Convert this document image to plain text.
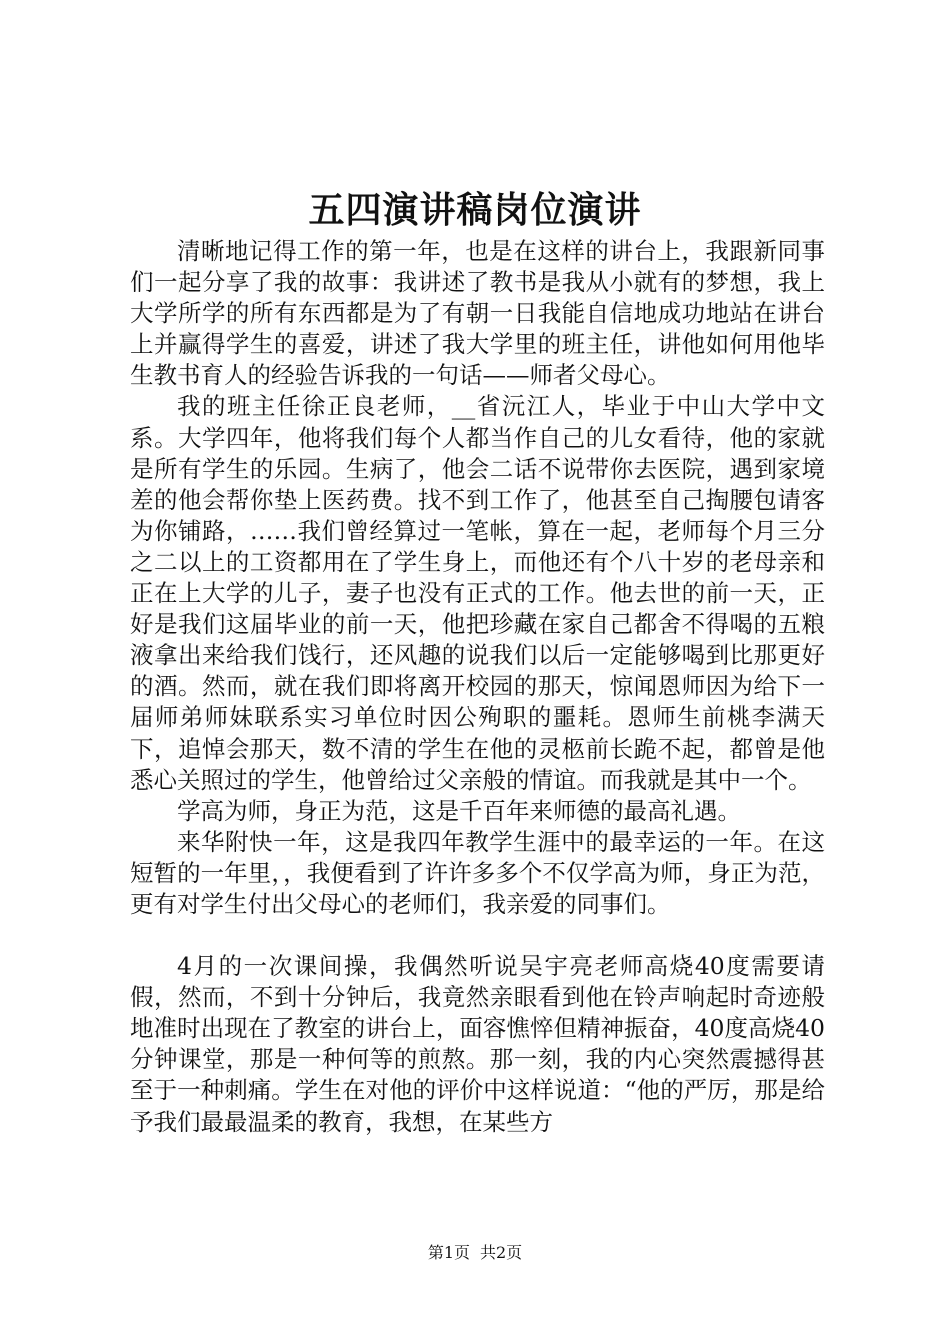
五四演讲稿岗位演讲

清晰地记得工作的第一年，也是在这样的讲台上，我跟新同事们一起分享了我的故事：我讲述了教书是我从小就有的梦想，我上大学所学的所有东西都是为了有朝一日我能自信地成功地站在讲台上并赢得学生的喜爱，讲述了我大学里的班主任，讲他如何用他毕生教书育人的经验告诉我的一句话——师者父母心。

我的班主任徐正良老师，__省沅江人，毕业于中山大学中文系。大学四年，他将我们每个人都当作自己的儿女看待，他的家就是所有学生的乐园。生病了，他会二话不说带你去医院，遇到家境差的他会帮你垫上医药费。找不到工作了，他甚至自己掏腰包请客为你铺路，……我们曾经算过一笔帐，算在一起，老师每个月三分之二以上的工资都用在了学生身上，而他还有个八十岁的老母亲和正在上大学的儿子，妻子也没有正式的工作。他去世的前一天，正好是我们这届毕业的前一天，他把珍藏在家自己都舍不得喝的五粮液拿出来给我们饯行，还风趣的说我们以后一定能够喝到比那更好的酒。然而，就在我们即将离开校园的那天，惊闻恩师因为给下一届师弟师妹联系实习单位时因公殉职的噩耗。恩师生前桃李满天下，追悼会那天，数不清的学生在他的灵柩前长跪不起，都曾是他悉心关照过的学生，他曾给过父亲般的情谊。而我就是其中一个。

学高为师，身正为范，这是千百年来师德的最高礼遇。

来华附快一年，这是我四年教学生涯中的最幸运的一年。在这短暂的一年里，，我便看到了许许多多个不仅学高为师，身正为范，更有对学生付出父母心的老师们，我亲爱的同事们。

4月的一次课间操，我偶然听说吴宇亮老师高烧40度需要请假，然而，不到十分钟后，我竟然亲眼看到他在铃声响起时奇迹般地准时出现在了教室的讲台上，面容憔悴但精神振奋，40度高烧40分钟课堂，那是一种何等的煎熬。那一刻，我的内心突然震撼得甚至于一种刺痛。学生在对他的评价中这样说道：“他的严厉，那是给予我们最最温柔的教育，我想，在某些方

第1页 共2页
